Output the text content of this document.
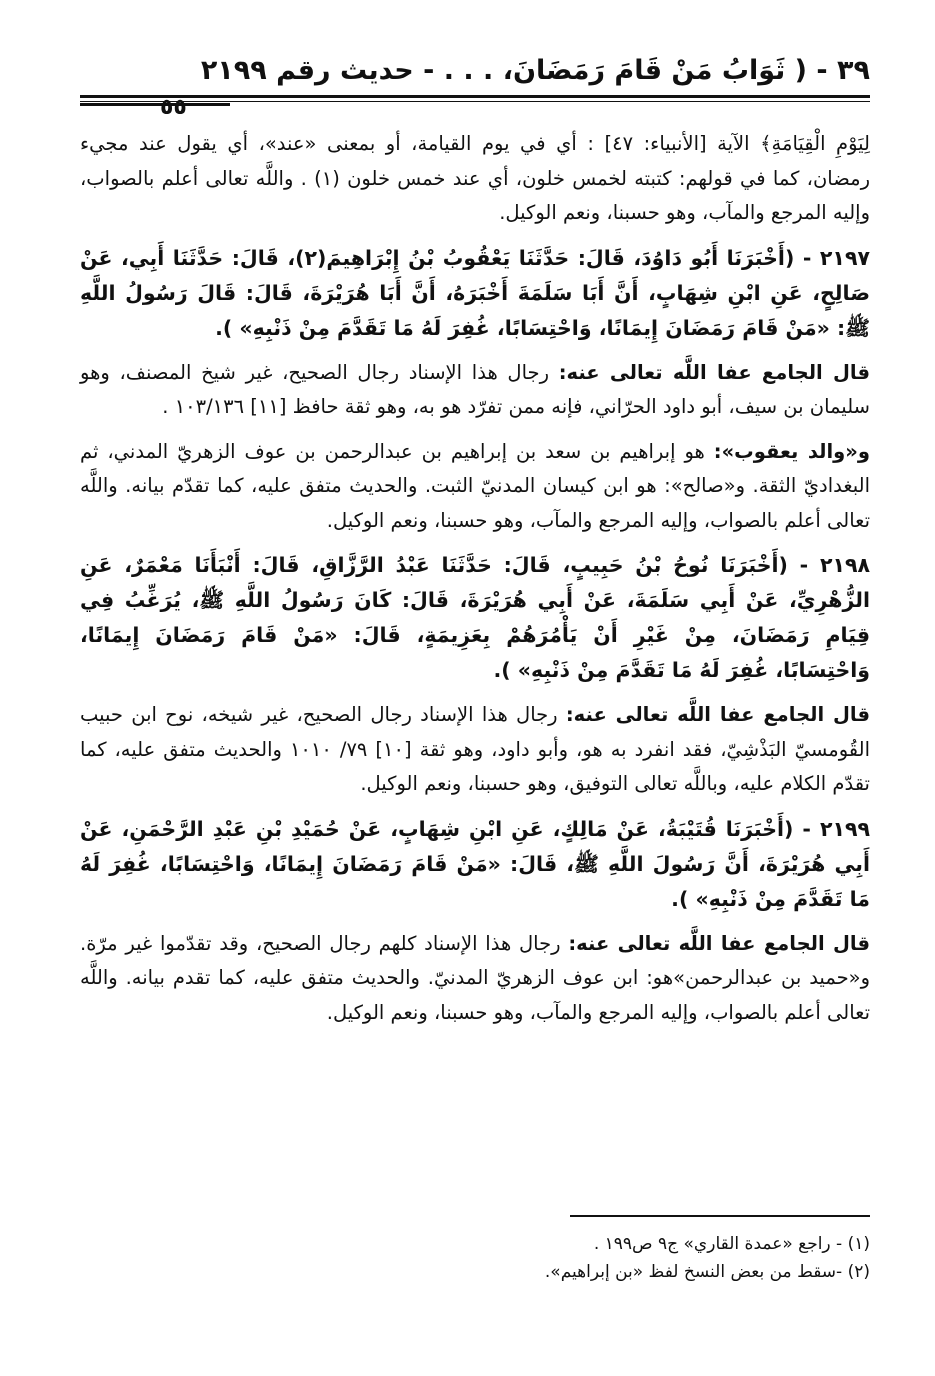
٣٩ - ( ثَوَابُ مَنْ قَامَ رَمَضَانَ، . . . - حديث رقم ٢١٩٩
٥٥

لِيَوْمِ الْقِيَامَةِ﴾ الآية [الأنبياء: ٤٧] : أي في يوم القيامة، أو بمعنى «عند»، أي يقول عند مجيء رمضان، كما في قولهم: كتبته لخمس خلون، أي عند خمس خلون (١) . واللَّه تعالى أعلم بالصواب، وإليه المرجع والمآب، وهو حسبنا، ونعم الوكيل.

٢١٩٧ - (أَخْبَرَنَا أَبُو دَاوُدَ، قَالَ: حَدَّثَنَا يَعْقُوبُ بْنُ إِبْرَاهِيمَ(٢)، قَالَ: حَدَّثَنَا أَبِي، عَنْ صَالِحٍ، عَنِ ابْنِ شِهَابٍ، أَنَّ أَبَا سَلَمَةَ أَخْبَرَهُ، أَنَّ أَبَا هُرَيْرَةَ، قَالَ: قَالَ رَسُولُ اللَّهِ ﷺ: «مَنْ قَامَ رَمَضَانَ إِيمَانًا، وَاحْتِسَابًا، غُفِرَ لَهُ مَا تَقَدَّمَ مِنْ ذَنْبِهِ» ).

قال الجامع عفا اللَّه تعالى عنه: رجال هذا الإسناد رجال الصحيح، غير شيخ المصنف، وهو سليمان بن سيف، أبو داود الحرّاني، فإنه ممن تفرّد هو به، وهو ثقة حافظ [١١] ١٠٣/١٣٦ .

و«والد يعقوب»: هو إبراهيم بن سعد بن إبراهيم بن عبدالرحمن بن عوف الزهريّ المدني، ثم البغداديّ الثقة. و«صالح»: هو ابن كيسان المدنيّ الثبت. والحديث متفق عليه، كما تقدّم بيانه. واللَّه تعالى أعلم بالصواب، وإليه المرجع والمآب، وهو حسبنا، ونعم الوكيل.

٢١٩٨ - (أَخْبَرَنَا نُوحُ بْنُ حَبِيبٍ، قَالَ: حَدَّثَنَا عَبْدُ الرَّزَّاقِ، قَالَ: أَنْبَأَنَا مَعْمَرٌ، عَنِ الزُّهْرِيِّ، عَنْ أَبِي سَلَمَةَ، عَنْ أَبِي هُرَيْرَةَ، قَالَ: كَانَ رَسُولُ اللَّهِ ﷺ، يُرَغِّبُ فِي قِيَامِ رَمَضَانَ، مِنْ غَيْرِ أَنْ يَأْمُرَهُمْ بِعَزِيمَةٍ، قَالَ: «مَنْ قَامَ رَمَضَانَ إِيمَانًا، وَاحْتِسَابًا، غُفِرَ لَهُ مَا تَقَدَّمَ مِنْ ذَنْبِهِ» ).

قال الجامع عفا اللَّه تعالى عنه: رجال هذا الإسناد رجال الصحيح، غير شيخه، نوح ابن حبيب القُومسيّ البَذْشِيّ، فقد انفرد به هو، وأبو داود، وهو ثقة [١٠] ٧٩/ ١٠١٠ والحديث متفق عليه، كما تقدّم الكلام عليه، وباللَّه تعالى التوفيق، وهو حسبنا، ونعم الوكيل.

٢١٩٩ - (أَخْبَرَنَا قُتَيْبَةُ، عَنْ مَالِكٍ، عَنِ ابْنِ شِهَابٍ، عَنْ حُمَيْدِ بْنِ عَبْدِ الرَّحْمَنِ، عَنْ أَبِي هُرَيْرَةَ، أَنَّ رَسُولَ اللَّهِ ﷺ، قَالَ: «مَنْ قَامَ رَمَضَانَ إِيمَانًا، وَاحْتِسَابًا، غُفِرَ لَهُ مَا تَقَدَّمَ مِنْ ذَنْبِهِ» ).

قال الجامع عفا اللَّه تعالى عنه: رجال هذا الإسناد كلهم رجال الصحيح، وقد تقدّموا غير مرّة. و«حميد بن عبدالرحمن»هو: ابن عوف الزهريّ المدنيّ. والحديث متفق عليه، كما تقدم بيانه. واللَّه تعالى أعلم بالصواب، وإليه المرجع والمآب، وهو حسبنا، ونعم الوكيل.

(١) - راجع «عمدة القاري» ج٩ ص١٩٩ .

(٢) -سقط من بعض النسخ لفظ «بن إبراهيم».
